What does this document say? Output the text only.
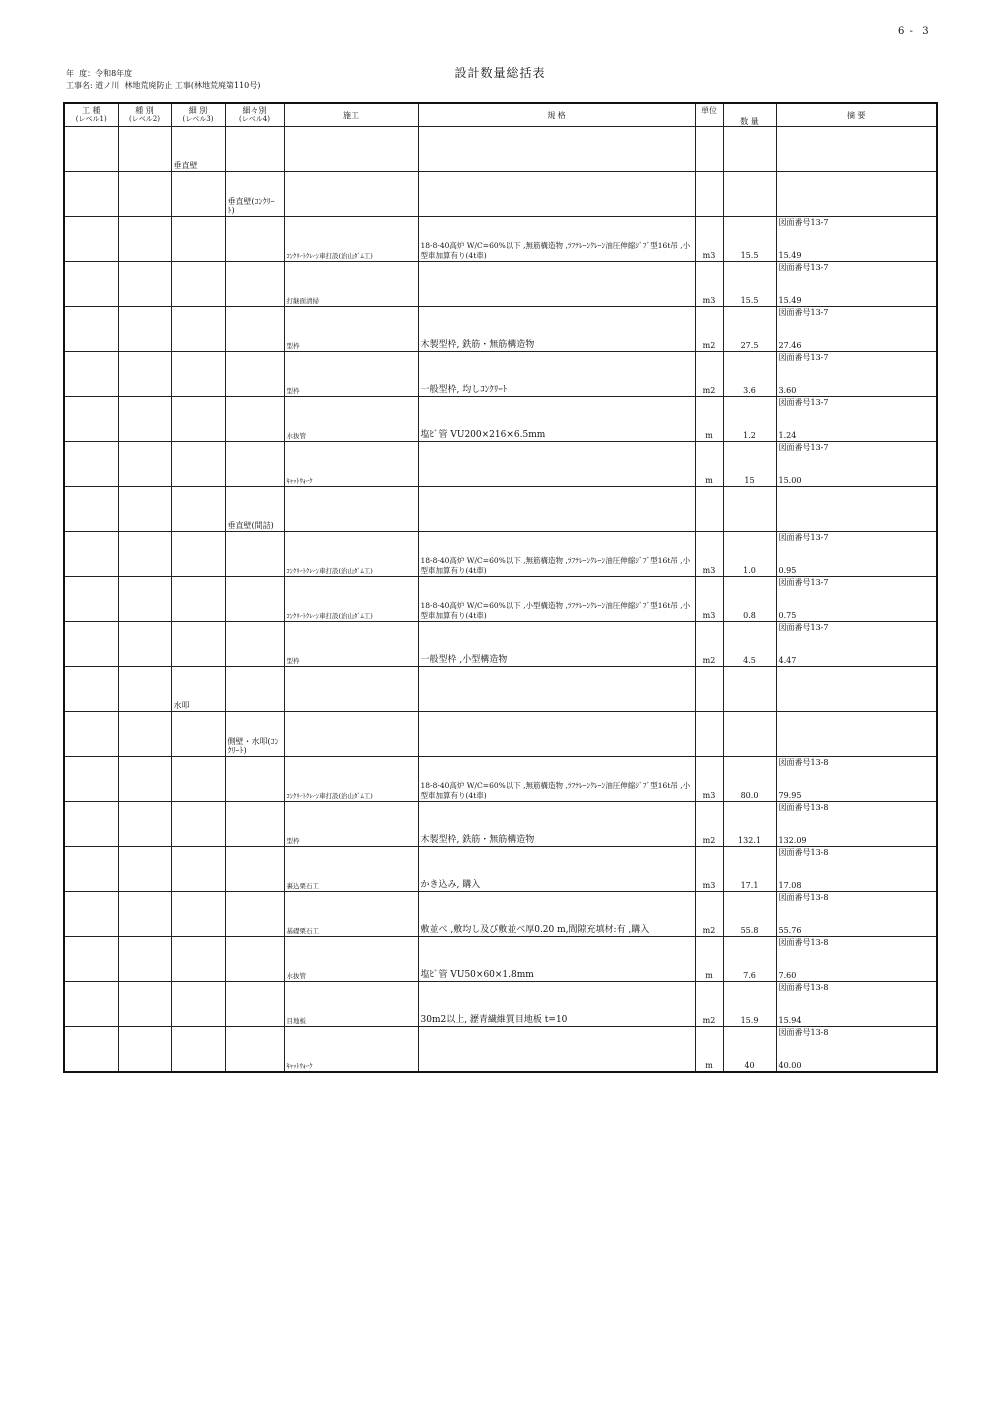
6 -  3
設計数量総括表
年  度：令和8年度
工事名: 道ノ川  林地荒廃防止 工事(林地荒廃第110号)
工 種
(レベル1)	種 別
(レベル2)	細 別
(レベル3)	細々別
(レベル4)	施工	規 格	単位	数 量	摘 要

		垂直壁						

			垂直壁(ｺﾝｸﾘｰﾄ)					

				ｺﾝｸﾘｰﾄｸﾚｰﾝ車打設(治山ﾀﾞﾑ工)	18-8-40高炉 W/C=60%以下 ,無筋構造物 ,ﾗﾌﾃﾚｰﾝｸﾚｰﾝ油圧伸縮ｼﾞﾌﾞ型16t吊 ,小型車加算有り(4t車)	m3	15.5	図面番号13-7
15.49

				打継面清掃		m3	15.5	図面番号13-7
15.49

				型枠	木製型枠, 鉄筋・無筋構造物	m2	27.5	図面番号13-7
27.46

				型枠	一般型枠, 均しｺﾝｸﾘｰﾄ	m2	3.6	図面番号13-7
3.60

				水抜管	塩ﾋﾞ管 VU200×216×6.5mm	m	1.2	図面番号13-7
1.24

				ｷｬｯﾄｳｫｰｸ		m	15	図面番号13-7
15.00

			垂直壁(間詰)					

				ｺﾝｸﾘｰﾄｸﾚｰﾝ車打設(治山ﾀﾞﾑ工)	18-8-40高炉 W/C=60%以下 ,無筋構造物 ,ﾗﾌﾃﾚｰﾝｸﾚｰﾝ油圧伸縮ｼﾞﾌﾞ型16t吊 ,小型車加算有り(4t車)	m3	1.0	図面番号13-7
0.95

				ｺﾝｸﾘｰﾄｸﾚｰﾝ車打設(治山ﾀﾞﾑ工)	18-8-40高炉 W/C=60%以下 ,小型構造物 ,ﾗﾌﾃﾚｰﾝｸﾚｰﾝ油圧伸縮ｼﾞﾌﾞ型16t吊 ,小型車加算有り(4t車)	m3	0.8	図面番号13-7
0.75

				型枠	一般型枠 ,小型構造物	m2	4.5	図面番号13-7
4.47

		水叩						

			側壁・水叩(ｺﾝｸﾘｰﾄ)					

				ｺﾝｸﾘｰﾄｸﾚｰﾝ車打設(治山ﾀﾞﾑ工)	18-8-40高炉 W/C=60%以下 ,無筋構造物 ,ﾗﾌﾃﾚｰﾝｸﾚｰﾝ油圧伸縮ｼﾞﾌﾞ型16t吊 ,小型車加算有り(4t車)	m3	80.0	図面番号13-8
79.95

				型枠	木製型枠, 鉄筋・無筋構造物	m2	132.1	図面番号13-8
132.09

				裏込栗石工	かき込み, 購入	m3	17.1	図面番号13-8
17.08

				基礎栗石工	敷並べ ,敷均し及び敷並べ厚0.20 m,間隙充填材:有 ,購入	m2	55.8	図面番号13-8
55.76

				水抜管	塩ﾋﾞ管 VU50×60×1.8mm	m	7.6	図面番号13-8
7.60

				目地板	30m2以上, 瀝青繊維質目地板 t=10	m2	15.9	図面番号13-8
15.94

				ｷｬｯﾄｳｫｰｸ		m	40	図面番号13-8
40.00
